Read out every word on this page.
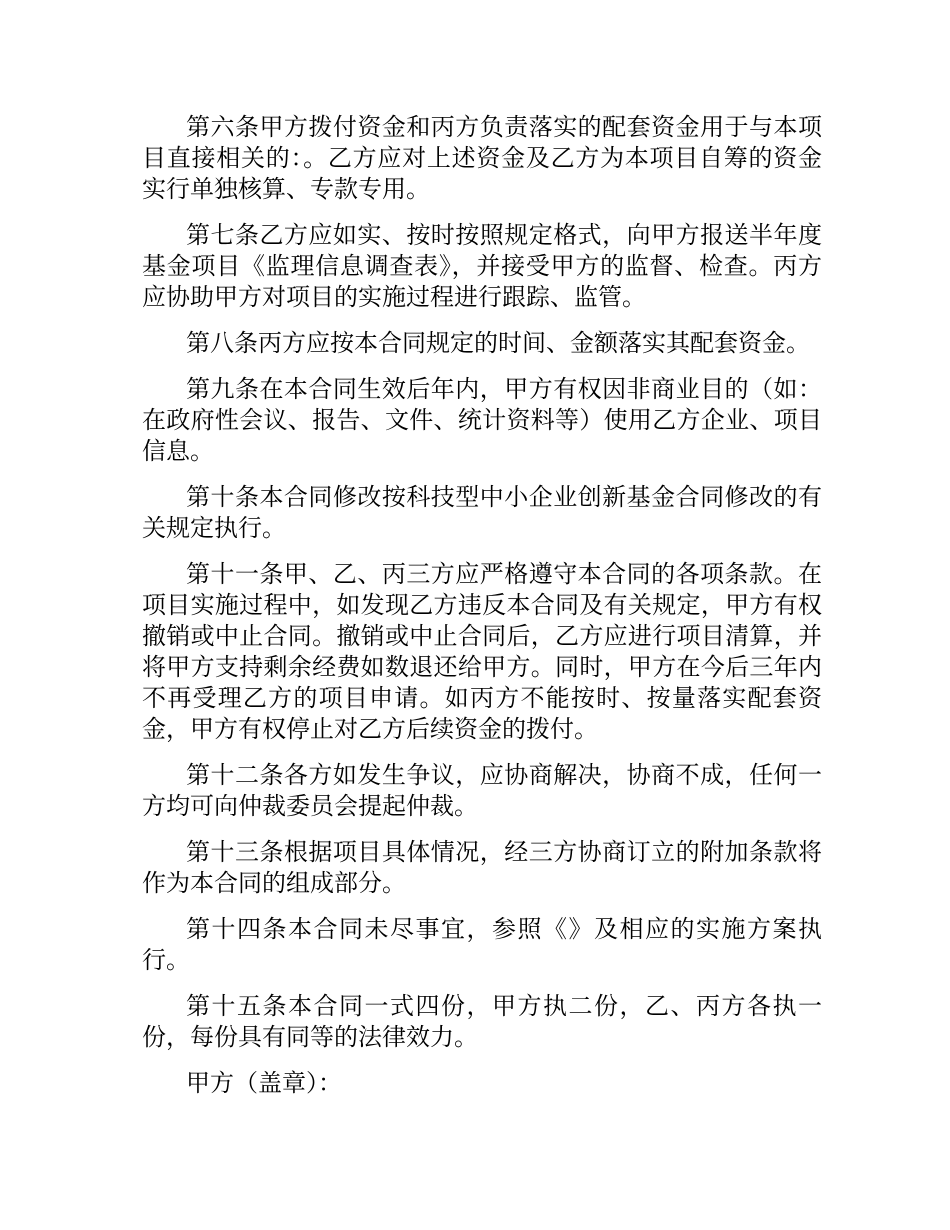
第六条甲方拨付资金和丙方负责落实的配套资金用于与本项目直接相关的：。乙方应对上述资金及乙方为本项目自筹的资金实行单独核算、专款专用。

第七条乙方应如实、按时按照规定格式，向甲方报送半年度基金项目《监理信息调查表》，并接受甲方的监督、检查。丙方应协助甲方对项目的实施过程进行跟踪、监管。

第八条丙方应按本合同规定的时间、金额落实其配套资金。

第九条在本合同生效后年内，甲方有权因非商业目的（如：在政府性会议、报告、文件、统计资料等）使用乙方企业、项目信息。

第十条本合同修改按科技型中小企业创新基金合同修改的有关规定执行。

第十一条甲、乙、丙三方应严格遵守本合同的各项条款。在项目实施过程中，如发现乙方违反本合同及有关规定，甲方有权撤销或中止合同。撤销或中止合同后，乙方应进行项目清算，并将甲方支持剩余经费如数退还给甲方。同时，甲方在今后三年内不再受理乙方的项目申请。如丙方不能按时、按量落实配套资金，甲方有权停止对乙方后续资金的拨付。

第十二条各方如发生争议，应协商解决，协商不成，任何一方均可向仲裁委员会提起仲裁。

第十三条根据项目具体情况，经三方协商订立的附加条款将作为本合同的组成部分。

第十四条本合同未尽事宜，参照《》及相应的实施方案执行。

第十五条本合同一式四份，甲方执二份，乙、丙方各执一份，每份具有同等的法律效力。

甲方（盖章）：
